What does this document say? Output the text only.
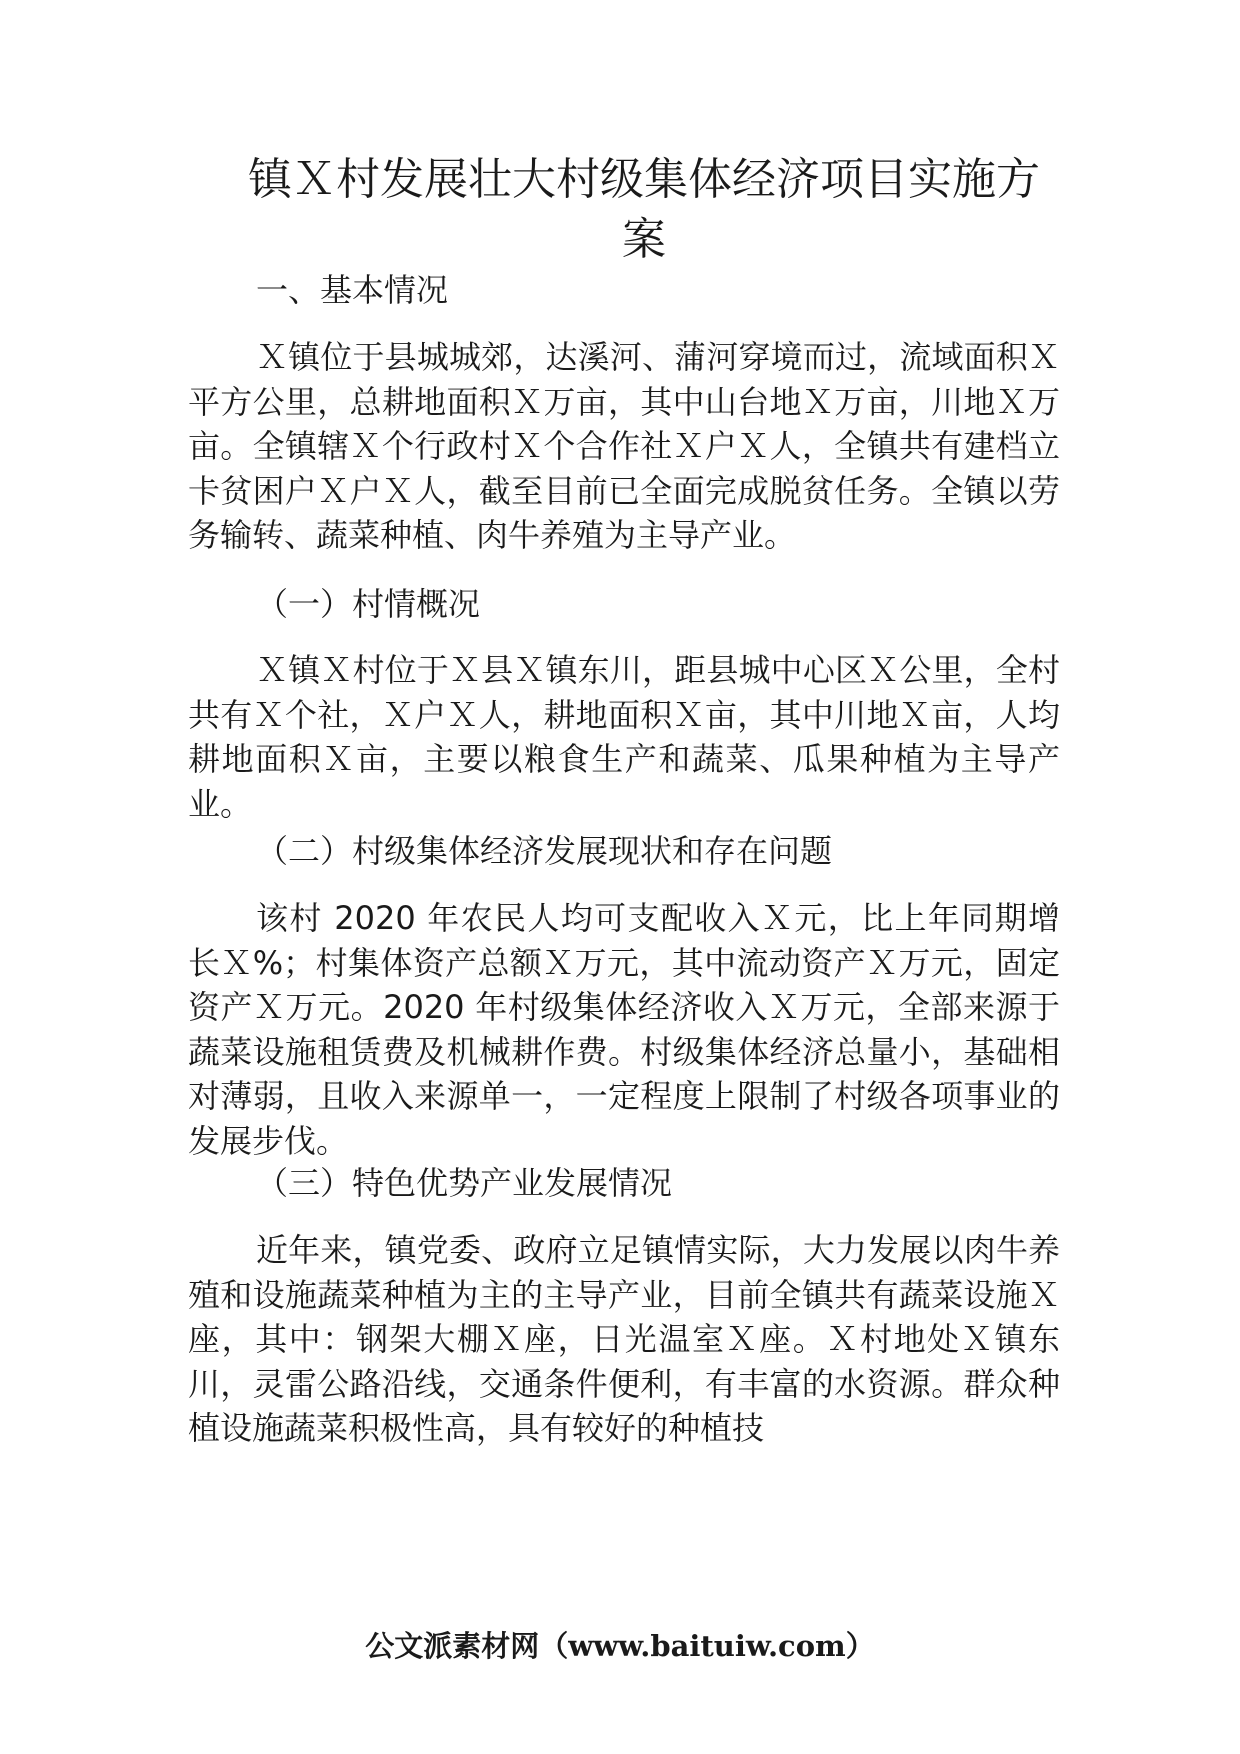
镇Ｘ村发展壮大村级集体经济项目实施方案

一、基本情况

Ｘ镇位于县城城郊，达溪河、蒲河穿境而过，流域面积Ｘ平方公里，总耕地面积Ｘ万亩，其中山台地Ｘ万亩，川地Ｘ万亩。全镇辖Ｘ个行政村Ｘ个合作社Ｘ户Ｘ人，全镇共有建档立卡贫困户Ｘ户Ｘ人，截至目前已全面完成脱贫任务。全镇以劳务输转、蔬菜种植、肉牛养殖为主导产业。

（一）村情概况

Ｘ镇Ｘ村位于Ｘ县Ｘ镇东川，距县城中心区Ｘ公里，全村共有Ｘ个社，Ｘ户Ｘ人，耕地面积Ｘ亩，其中川地Ｘ亩，人均耕地面积Ｘ亩，主要以粮食生产和蔬菜、瓜果种植为主导产业。

（二）村级集体经济发展现状和存在问题

该村 2020 年农民人均可支配收入Ｘ元，比上年同期增长Ｘ%；村集体资产总额Ｘ万元，其中流动资产Ｘ万元，固定资产Ｘ万元。2020 年村级集体经济收入Ｘ万元，全部来源于蔬菜设施租赁费及机械耕作费。村级集体经济总量小，基础相对薄弱，且收入来源单一，一定程度上限制了村级各项事业的发展步伐。

（三）特色优势产业发展情况

近年来，镇党委、政府立足镇情实际，大力发展以肉牛养殖和设施蔬菜种植为主的主导产业，目前全镇共有蔬菜设施Ｘ座，其中：钢架大棚Ｘ座，日光温室Ｘ座。Ｘ村地处Ｘ镇东川，灵雷公路沿线，交通条件便利，有丰富的水资源。群众种植设施蔬菜积极性高，具有较好的种植技

公文派素材网（www.baituiw.com）
